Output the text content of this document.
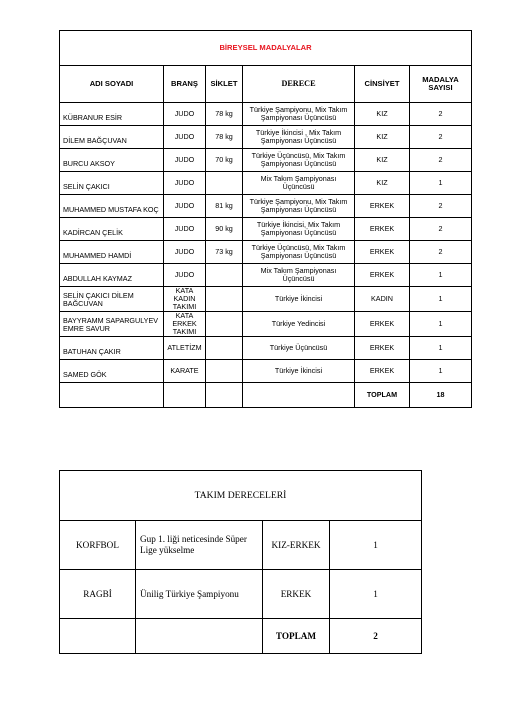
BİREYSEL MADALYALAR					
ADI SOYADI	BRANŞ	SİKLET	DERECE	CİNSİYET	MADALYA SAYISI
KÜBRANUR ESİR	JUDO	78 kg	Türkiye Şampiyonu, Mix Takım Şampiyonası Üçüncüsü	KIZ	2
DİLEM BAĞÇUVAN	JUDO	78 kg	Türkiye İkincisi , Mix Takım Şampiyonası Üçüncüsü	KIZ	2
BURCU AKSOY	JUDO	70 kg	Türkiye Üçüncüsü, Mix Takım Şampiyonası Üçüncüsü	KIZ	2
SELİN ÇAKICI	JUDO		Mix Takım Şampiyonası Üçüncüsü	KIZ	1
MUHAMMED MUSTAFA KOÇ	JUDO	81 kg	Türkiye Şampiyonu, Mix Takım Şampiyonası Üçüncüsü	ERKEK	2
KADİRCAN ÇELİK	JUDO	90 kg	Türkiye İkincisi, Mix Takım Şampiyonası Üçüncüsü	ERKEK	2
MUHAMMED HAMDİ	JUDO	73 kg	Türkiye Üçüncüsü, Mix Takım Şampiyonası Üçüncüsü	ERKEK	2
ABDULLAH KAYMAZ	JUDO		Mix Takım Şampiyonası Üçüncüsü	ERKEK	1
SELİN ÇAKICI DİLEM BAĞCUVAN	KATA KADIN TAKIMI		Türkiye İkincisi	KADIN	1
BAYYRAMM SAPARGULYEV EMRE SAVUR	KATA ERKEK TAKIMI		Türkiye Yedincisi	ERKEK	1
BATUHAN ÇAKIR	ATLETİZM		Türkiye Üçüncüsü	ERKEK	1
SAMED GÖK	KARATE		Türkiye İkincisi	ERKEK	1
				TOPLAM	18
TAKIM DERECELERİ			
KORFBOL	Gup 1. liği neticesinde Süper Lige yükselme	KIZ-ERKEK	1
RAGBİ	Ünilig Türkiye Şampiyonu	ERKEK	1
		TOPLAM	2
